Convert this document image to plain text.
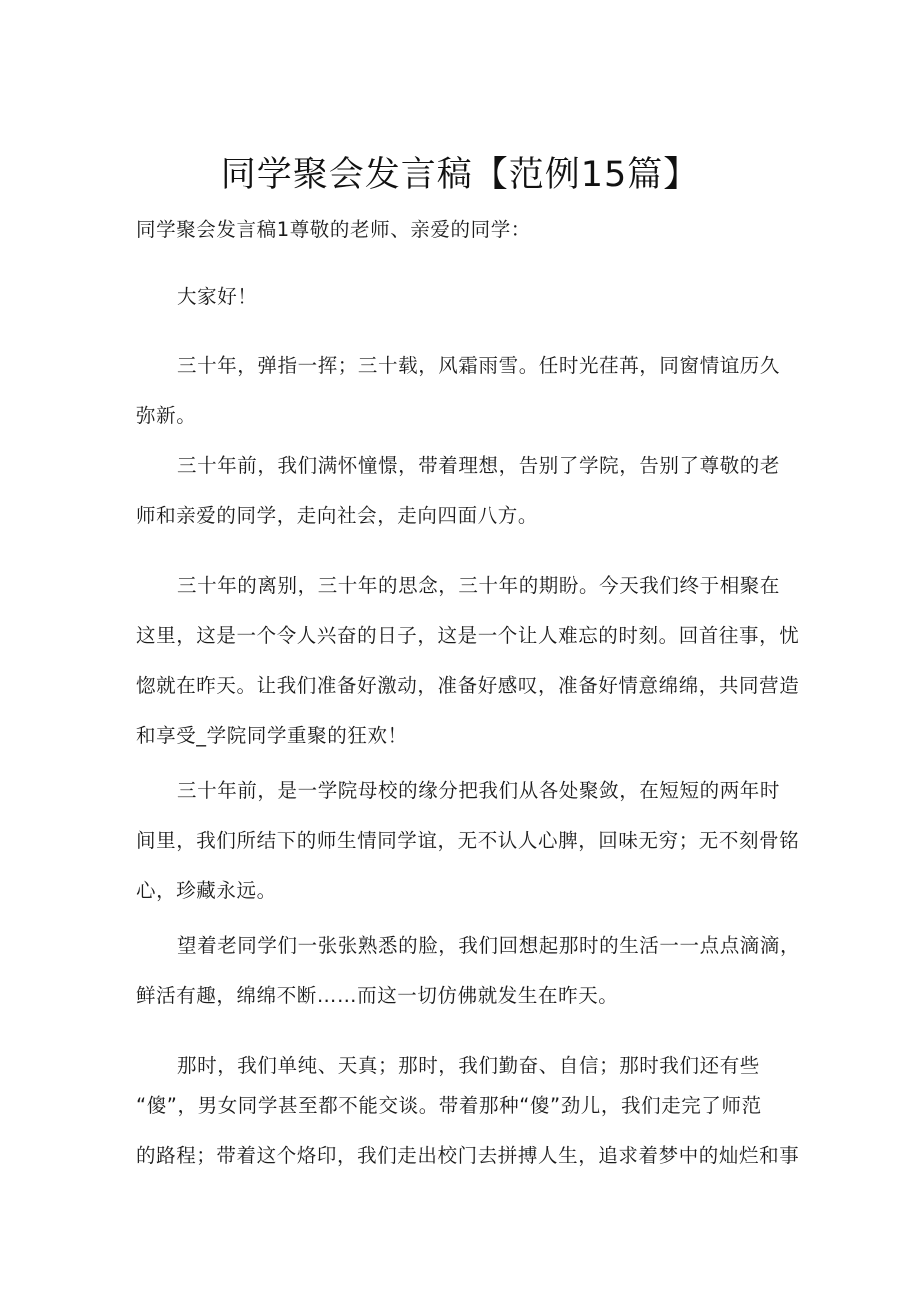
同学聚会发言稿【范例15篇】
同学聚会发言稿1尊敬的老师、亲爱的同学：
大家好！
三十年，弹指一挥；三十载，风霜雨雪。任时光荏苒，同窗情谊历久
弥新。
三十年前，我们满怀憧憬，带着理想，告别了学院，告别了尊敬的老
师和亲爱的同学，走向社会，走向四面八方。
三十年的离别，三十年的思念，三十年的期盼。今天我们终于相聚在
这里，这是一个令人兴奋的日子，这是一个让人难忘的时刻。回首往事，忧
惚就在昨天。让我们准备好激动，准备好感叹，准备好情意绵绵，共同营造
和享受_学院同学重聚的狂欢！
三十年前，是一学院母校的缘分把我们从各处聚敛，在短短的两年时
间里，我们所结下的师生情同学谊，无不认人心脾，回味无穷；无不刻骨铭
心，珍藏永远。
望着老同学们一张张熟悉的脸，我们回想起那时的生活一一点点滴滴，
鲜活有趣，绵绵不断……而这一切仿佛就发生在昨天。
那时，我们单纯、天真；那时，我们勤奋、自信；那时我们还有些
“傻”，男女同学甚至都不能交谈。带着那种“傻”劲儿，我们走完了师范
的路程；带着这个烙印，我们走出校门去拼搏人生，追求着梦中的灿烂和事
